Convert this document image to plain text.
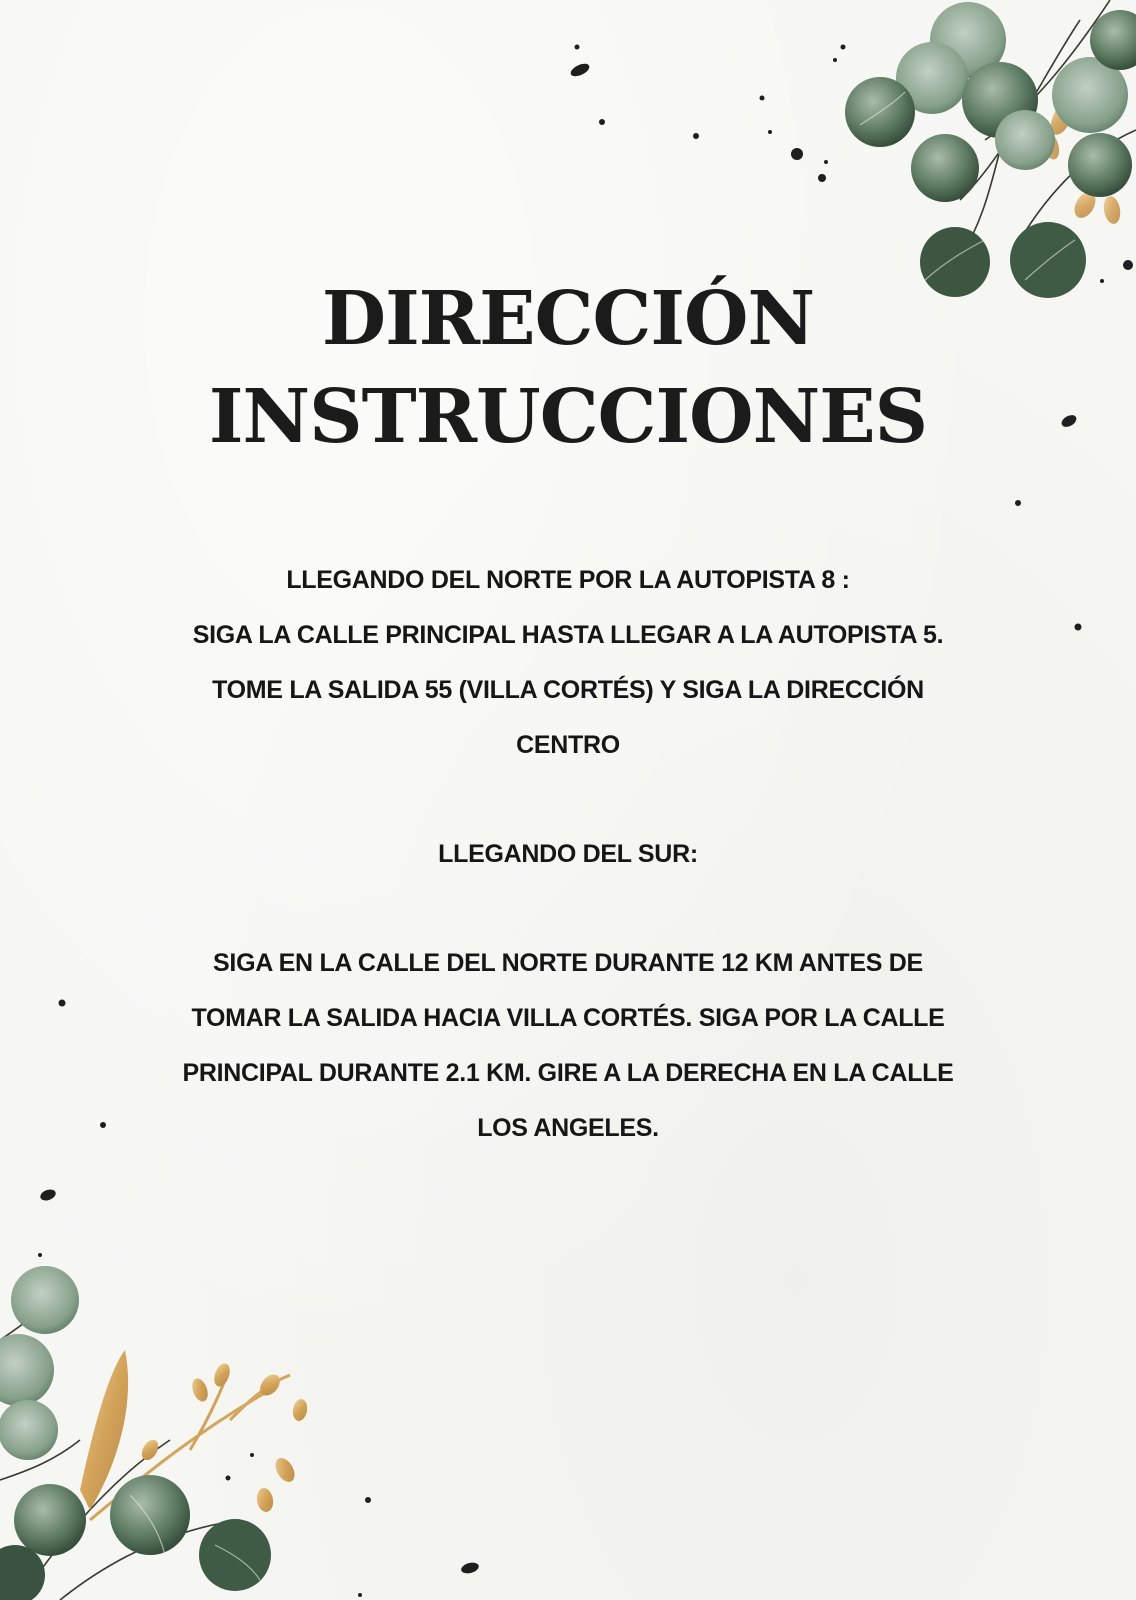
DIRECCIÓN
INSTRUCCIONES
LLEGANDO DEL NORTE POR LA AUTOPISTA 8 :
SIGA LA CALLE PRINCIPAL HASTA LLEGAR A LA AUTOPISTA 5.
TOME LA SALIDA 55 (VILLA CORTÉS) Y SIGA LA DIRECCIÓN
CENTRO
LLEGANDO DEL SUR:
SIGA EN LA CALLE DEL NORTE DURANTE 12 KM ANTES DE
TOMAR LA SALIDA HACIA VILLA CORTÉS. SIGA POR LA CALLE
PRINCIPAL DURANTE 2.1 KM. GIRE A LA DERECHA EN LA CALLE
LOS ANGELES.
